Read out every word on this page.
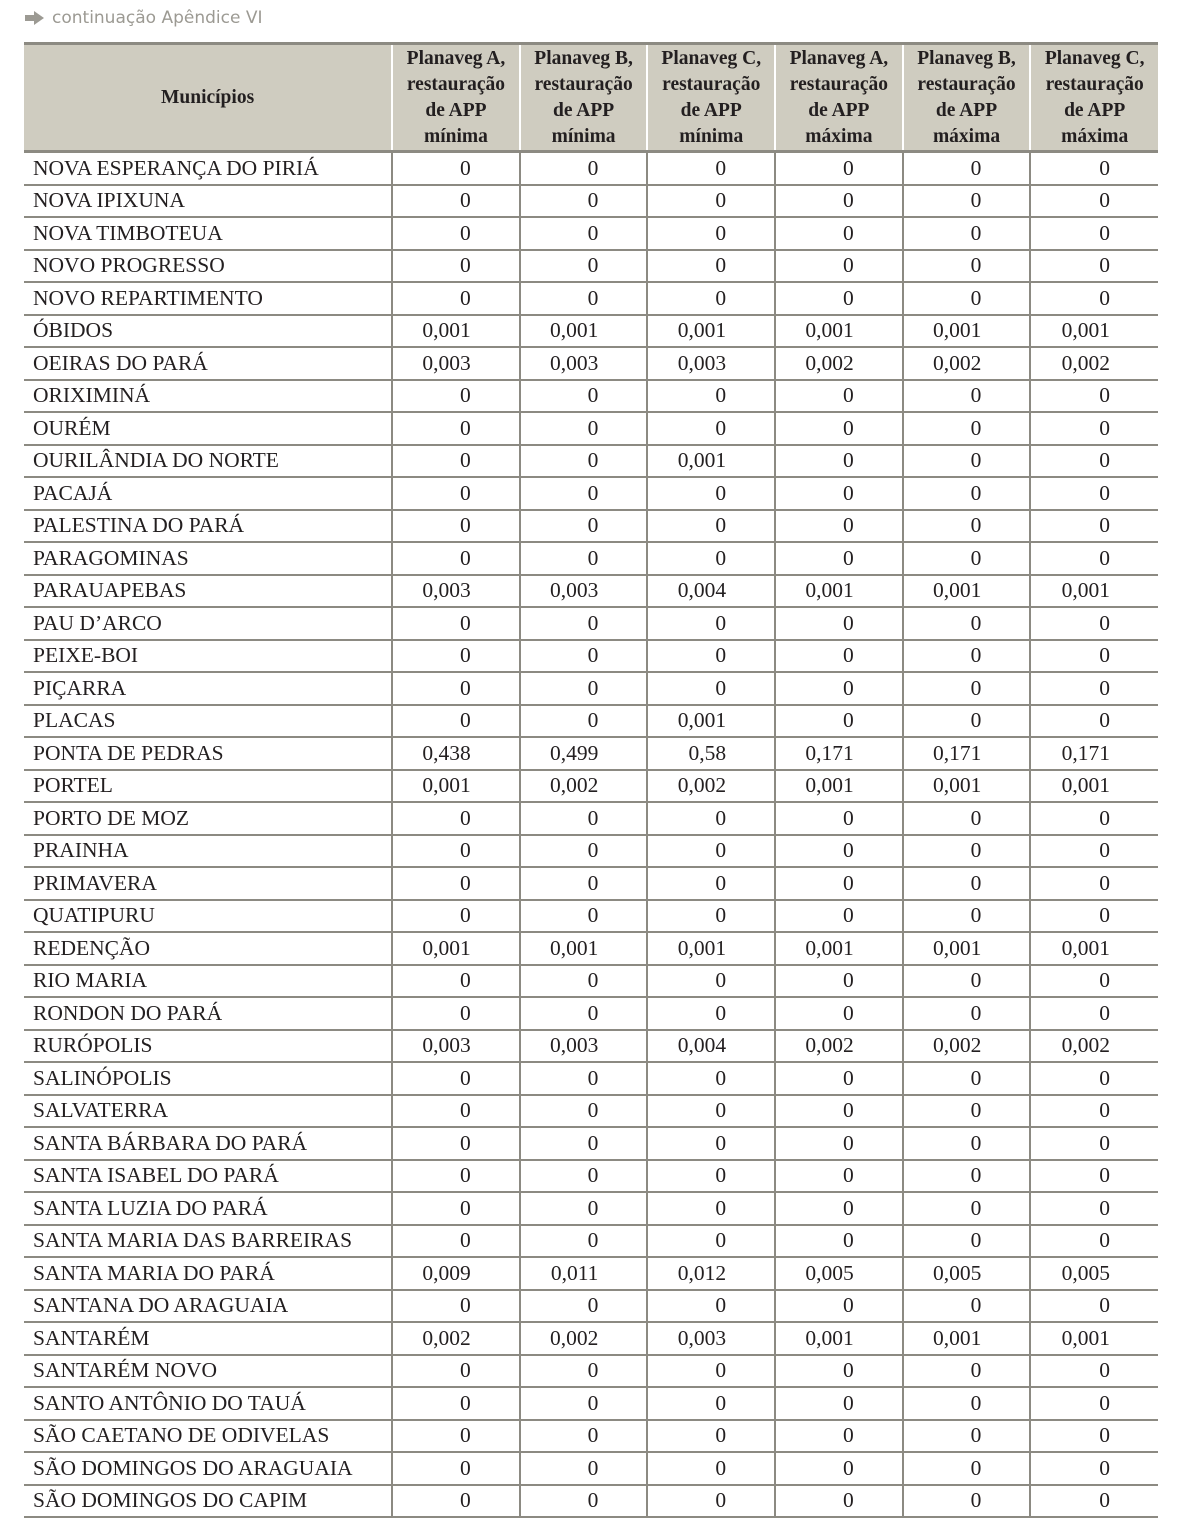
continuação Apêndice VI
Municípios	Planaveg A, restauração de APP mínima	Planaveg B, restauração de APP mínima	Planaveg C, restauração de APP mínima	Planaveg A, restauração de APP máxima	Planaveg B, restauração de APP máxima	Planaveg C, restauração de APP máxima
NOVA ESPERANÇA DO PIRIÁ	0	0	0	0	0	0
NOVA IPIXUNA	0	0	0	0	0	0
NOVA TIMBOTEUA	0	0	0	0	0	0
NOVO PROGRESSO	0	0	0	0	0	0
NOVO REPARTIMENTO	0	0	0	0	0	0
ÓBIDOS	0,001	0,001	0,001	0,001	0,001	0,001
OEIRAS DO PARÁ	0,003	0,003	0,003	0,002	0,002	0,002
ORIXIMINÁ	0	0	0	0	0	0
OURÉM	0	0	0	0	0	0
OURILÂNDIA DO NORTE	0	0	0,001	0	0	0
PACAJÁ	0	0	0	0	0	0
PALESTINA DO PARÁ	0	0	0	0	0	0
PARAGOMINAS	0	0	0	0	0	0
PARAUAPEBAS	0,003	0,003	0,004	0,001	0,001	0,001
PAU D’ARCO	0	0	0	0	0	0
PEIXE-BOI	0	0	0	0	0	0
PIÇARRA	0	0	0	0	0	0
PLACAS	0	0	0,001	0	0	0
PONTA DE PEDRAS	0,438	0,499	0,58	0,171	0,171	0,171
PORTEL	0,001	0,002	0,002	0,001	0,001	0,001
PORTO DE MOZ	0	0	0	0	0	0
PRAINHA	0	0	0	0	0	0
PRIMAVERA	0	0	0	0	0	0
QUATIPURU	0	0	0	0	0	0
REDENÇÃO	0,001	0,001	0,001	0,001	0,001	0,001
RIO MARIA	0	0	0	0	0	0
RONDON DO PARÁ	0	0	0	0	0	0
RURÓPOLIS	0,003	0,003	0,004	0,002	0,002	0,002
SALINÓPOLIS	0	0	0	0	0	0
SALVATERRA	0	0	0	0	0	0
SANTA BÁRBARA DO PARÁ	0	0	0	0	0	0
SANTA ISABEL DO PARÁ	0	0	0	0	0	0
SANTA LUZIA DO PARÁ	0	0	0	0	0	0
SANTA MARIA DAS BARREIRAS	0	0	0	0	0	0
SANTA MARIA DO PARÁ	0,009	0,011	0,012	0,005	0,005	0,005
SANTANA DO ARAGUAIA	0	0	0	0	0	0
SANTARÉM	0,002	0,002	0,003	0,001	0,001	0,001
SANTARÉM NOVO	0	0	0	0	0	0
SANTO ANTÔNIO DO TAUÁ	0	0	0	0	0	0
SÃO CAETANO DE ODIVELAS	0	0	0	0	0	0
SÃO DOMINGOS DO ARAGUAIA	0	0	0	0	0	0
SÃO DOMINGOS DO CAPIM	0	0	0	0	0	0
